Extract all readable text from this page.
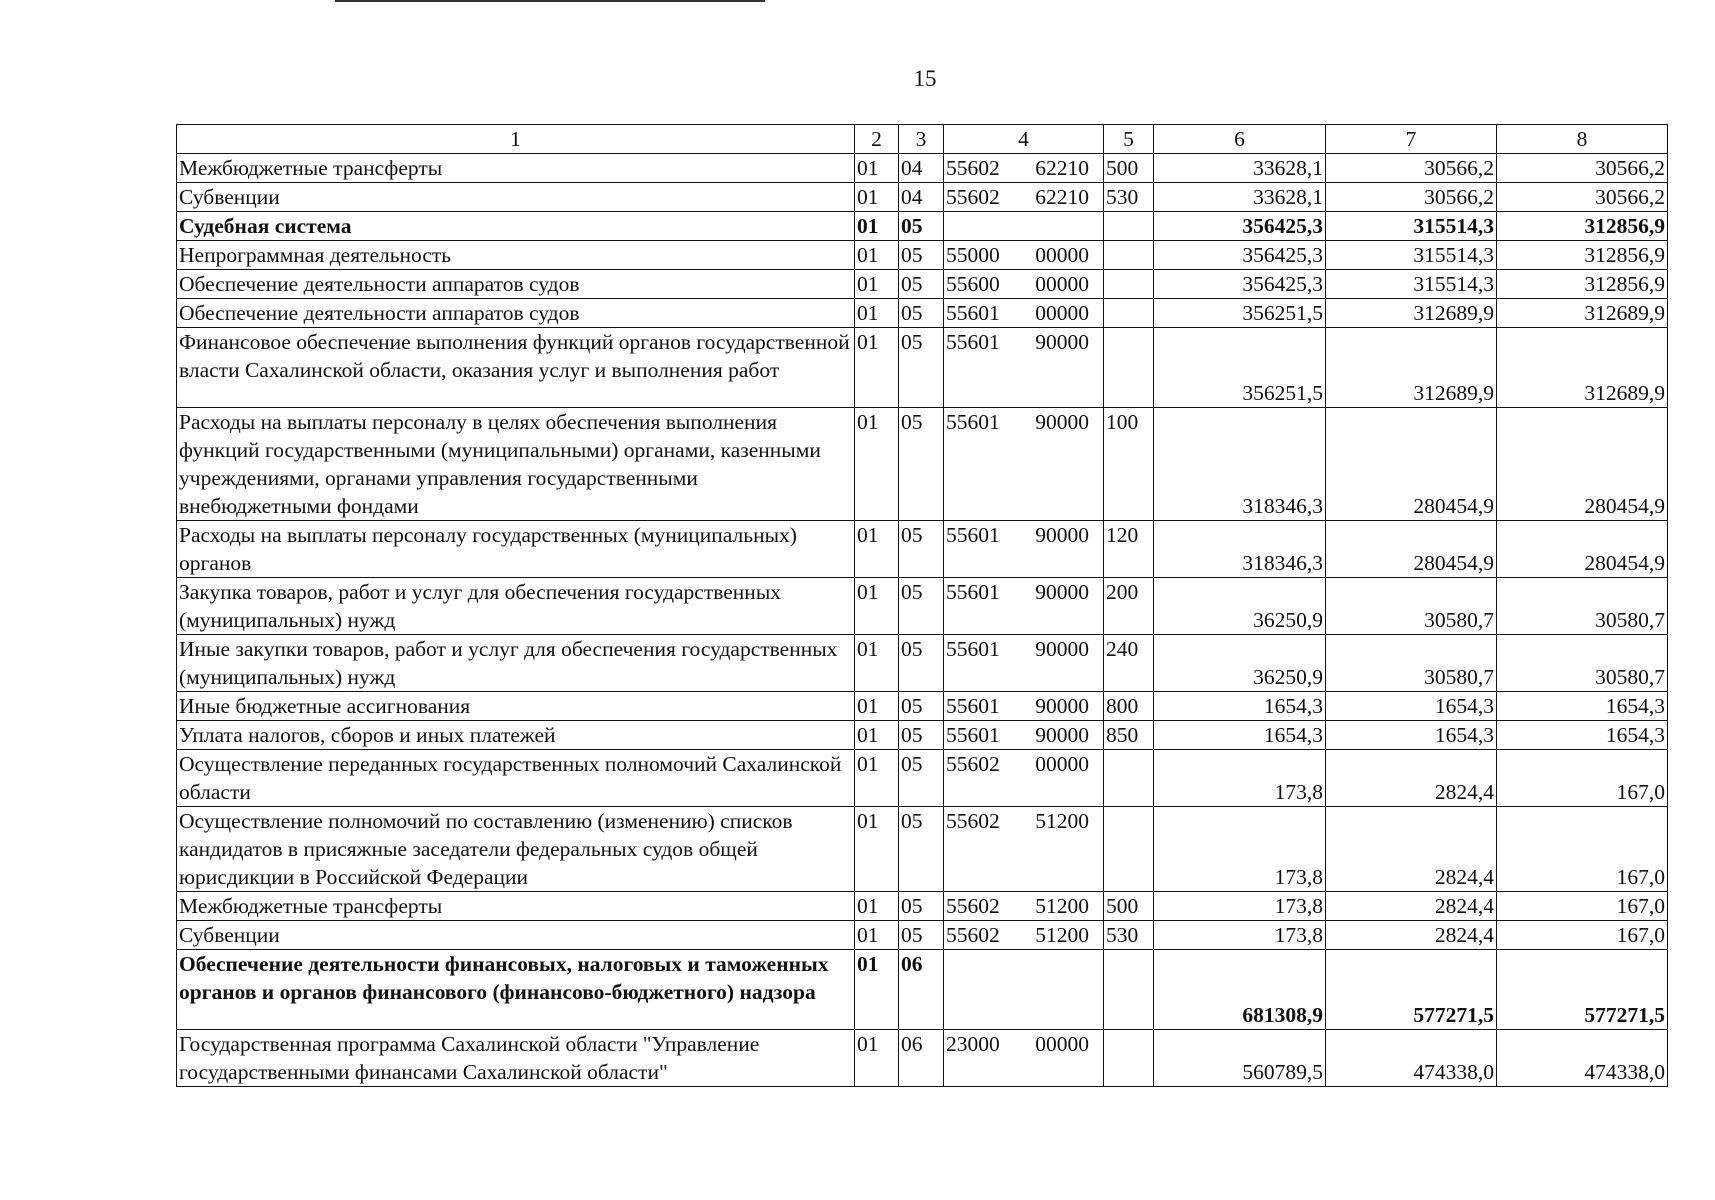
15
1	2	3	4	5	6	7	8
Межбюджетные трансферты	01	04	55602 62210	500	33628,1	30566,2	30566,2
Субвенции	01	04	55602 62210	530	33628,1	30566,2	30566,2
Судебная система	01	05			356425,3	315514,3	312856,9
Непрограммная деятельность	01	05	55000 00000		356425,3	315514,3	312856,9
Обеспечение деятельности аппаратов судов	01	05	55600 00000		356425,3	315514,3	312856,9
Обеспечение деятельности аппаратов судов	01	05	55601 00000		356251,5	312689,9	312689,9
Финансовое обеспечение выполнения функций органов государственной власти Сахалинской области, оказания услуг и выполнения работ	01	05	55601 90000		356251,5	312689,9	312689,9
Расходы на выплаты персоналу в целях обеспечения выполнения функций государственными (муниципальными) органами, казенными учреждениями, органами управления государственными внебюджетными фондами	01	05	55601 90000	100	318346,3	280454,9	280454,9
Расходы на выплаты персоналу государственных (муниципальных) органов	01	05	55601 90000	120	318346,3	280454,9	280454,9
Закупка товаров, работ и услуг для обеспечения государственных (муниципальных) нужд	01	05	55601 90000	200	36250,9	30580,7	30580,7
Иные закупки товаров, работ и услуг для обеспечения государственных (муниципальных) нужд	01	05	55601 90000	240	36250,9	30580,7	30580,7
Иные бюджетные ассигнования	01	05	55601 90000	800	1654,3	1654,3	1654,3
Уплата налогов, сборов и иных платежей	01	05	55601 90000	850	1654,3	1654,3	1654,3
Осуществление переданных государственных полномочий Сахалинской области	01	05	55602 00000		173,8	2824,4	167,0
Осуществление полномочий по составлению (изменению) списков кандидатов в присяжные заседатели федеральных судов общей юрисдикции в Российской Федерации	01	05	55602 51200		173,8	2824,4	167,0
Межбюджетные трансферты	01	05	55602 51200	500	173,8	2824,4	167,0
Субвенции	01	05	55602 51200	530	173,8	2824,4	167,0
Обеспечение деятельности финансовых, налоговых и таможенных органов и органов финансового (финансово-бюджетного) надзора	01	06			681308,9	577271,5	577271,5
Государственная программа Сахалинской области "Управление государственными финансами Сахалинской области"	01	06	23000 00000		560789,5	474338,0	474338,0
